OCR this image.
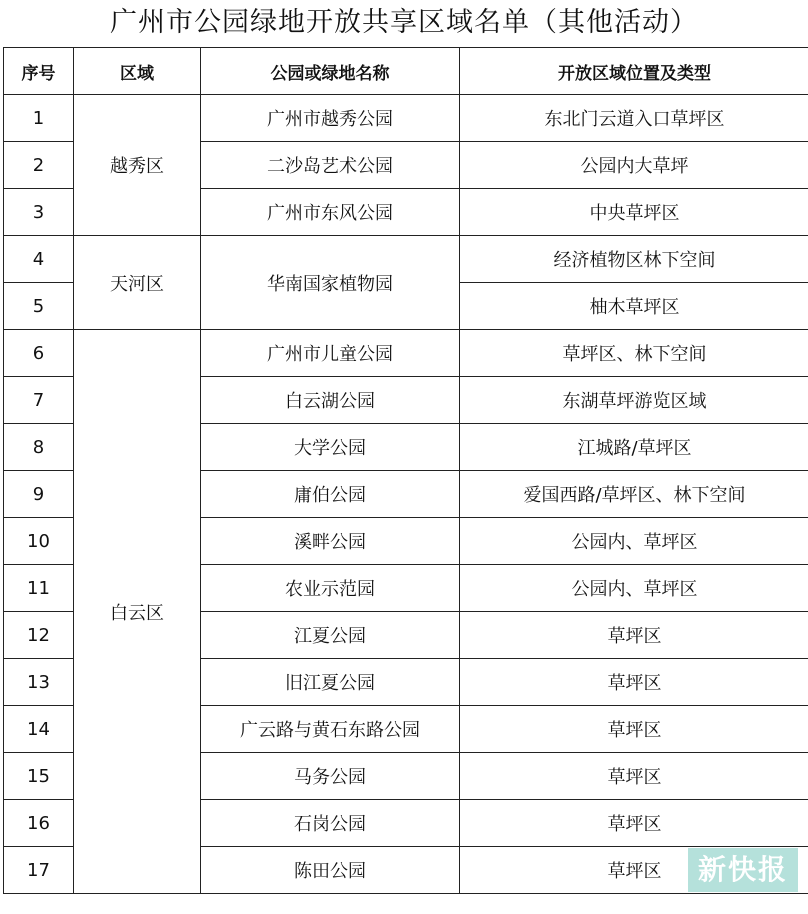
广州市公园绿地开放共享区域名单（其他活动）
序号	区域	公园或绿地名称	开放区域位置及类型
1	越秀区	广州市越秀公园	东北门云道入口草坪区
2		二沙岛艺术公园	公园内大草坪
3		广州市东风公园	中央草坪区
4	天河区	华南国家植物园	经济植物区林下空间
5			柚木草坪区
6	白云区	广州市儿童公园	草坪区、林下空间
7		白云湖公园	东湖草坪游览区域
8		大学公园	江城路/草坪区
9		庸伯公园	爱国西路/草坪区、林下空间
10		溪畔公园	公园内、草坪区
11		农业示范园	公园内、草坪区
12		江夏公园	草坪区
13		旧江夏公园	草坪区
14		广云路与黄石东路公园	草坪区
15		马务公园	草坪区
16		石岗公园	草坪区
17		陈田公园	草坪区	新快报
